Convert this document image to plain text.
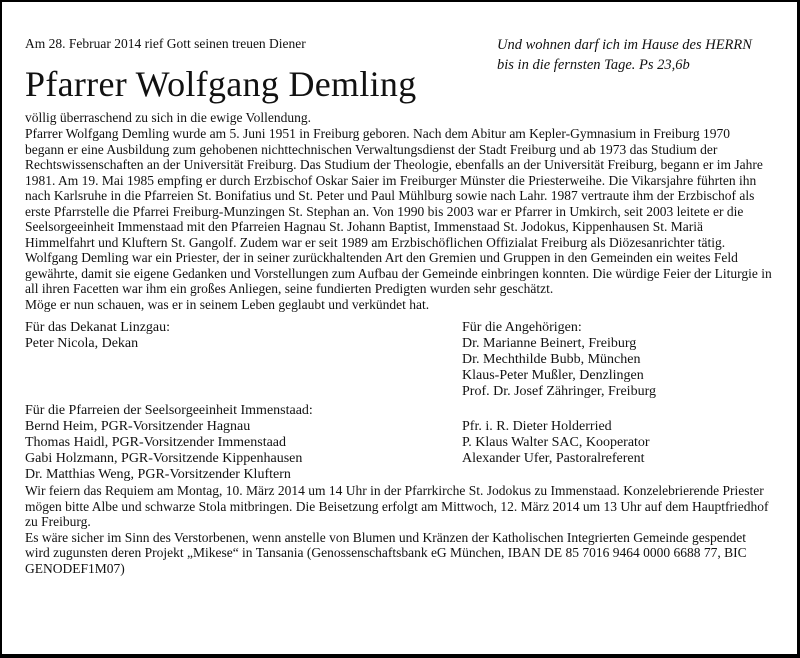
Am 28. Februar 2014 rief Gott seinen treuen Diener	Und wohnen darf ich im Hause des HERRN
bis in die fernsten Tage. Ps 23,6b
Pfarrer Wolfgang Demling
völlig überraschend zu sich in die ewige Vollendung.

Pfarrer Wolfgang Demling wurde am 5. Juni 1951 in Freiburg geboren. Nach dem Abitur am Kepler-Gymnasium in Freiburg 1970 begann er eine Ausbildung zum gehobenen nichttechnischen Verwaltungsdienst der Stadt Freiburg und ab 1973 das Studium der Rechtswissenschaften an der Universität Freiburg. Das Studium der Theologie, ebenfalls an der Universität Freiburg, begann er im Jahre 1981. Am 19. Mai 1985 empfing er durch Erzbischof Oskar Saier im Freiburger Münster die Priesterweihe. Die Vikarsjahre führten ihn nach Karlsruhe in die Pfarreien St. Bonifatius und St. Peter und Paul Mühlburg sowie nach Lahr. 1987 vertraute ihm der Erzbischof als erste Pfarrstelle die Pfarrei Freiburg-Munzingen St. Stephan an. Von 1990 bis 2003 war er Pfarrer in Umkirch, seit 2003 leitete er die Seelsorgeeinheit Immenstaad mit den Pfarreien Hagnau St. Johann Baptist, Immenstaad St. Jodokus, Kippenhausen St. Mariä Himmelfahrt und Kluftern St. Gangolf. Zudem war er seit 1989 am Erzbischöflichen Offizialat Freiburg als Diözesanrichter tätig.

Wolfgang Demling war ein Priester, der in seiner zurückhaltenden Art den Gremien und Gruppen in den Gemeinden ein weites Feld gewährte, damit sie eigene Gedanken und Vorstellungen zum Aufbau der Gemeinde einbringen konnten. Die würdige Feier der Liturgie in all ihren Facetten war ihm ein großes Anliegen, seine fundierten Predigten wurden sehr geschätzt.

Möge er nun schauen, was er in seinem Leben geglaubt und verkündet hat.

Für das Dekanat Linzgau:
Peter Nicola, Dekan
Für die Pfarreien der Seelsorgeeinheit Immenstaad:
Bernd Heim, PGR-Vorsitzender Hagnau
Thomas Haidl, PGR-Vorsitzender Immenstaad
Gabi Holzmann, PGR-Vorsitzende Kippenhausen
Dr. Matthias Weng, PGR-Vorsitzender Kluftern
Für die Angehörigen:
Dr. Marianne Beinert, Freiburg
Dr. Mechthilde Bubb, München
Klaus-Peter Mußler, Denzlingen
Prof. Dr. Josef Zähringer, Freiburg
Pfr. i. R. Dieter Holderried
P. Klaus Walter SAC, Kooperator
Alexander Ufer, Pastoralreferent

Wir feiern das Requiem am Montag, 10. März 2014 um 14 Uhr in der Pfarrkirche St. Jodokus zu Immenstaad. Konzelebrierende Priester mögen bitte Albe und schwarze Stola mitbringen. Die Beisetzung erfolgt am Mittwoch, 12. März 2014 um 13 Uhr auf dem Hauptfriedhof zu Freiburg.

Es wäre sicher im Sinn des Verstorbenen, wenn anstelle von Blumen und Kränzen der Katholischen Integrierten Gemeinde gespendet wird zugunsten deren Projekt „Mikese“ in Tansania (Genossenschaftsbank eG München, IBAN DE 85 7016 9464 0000 6688 77, BIC GENODEF1M07)
